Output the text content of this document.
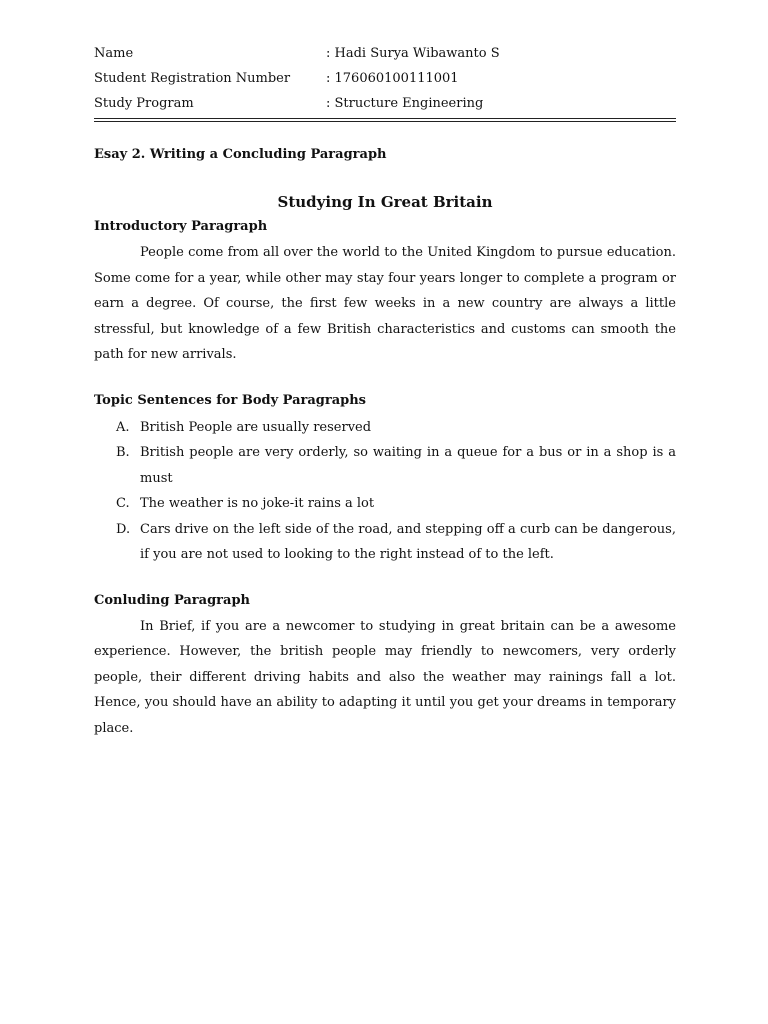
Name	: Hadi Surya Wibawanto S
Student Registration Number	: 176060100111001
Study Program	: Structure Engineering
Esay 2. Writing a Concluding Paragraph
Studying In Great Britain
Introductory Paragraph

People come from all over the world to the United Kingdom to pursue education. Some come for a year, while other may stay four years longer to complete a program or earn a degree. Of course, the first few weeks in a new country are always a little stressful, but knowledge of a few British characteristics and customs can smooth the path for new arrivals.

Topic Sentences for Body Paragraphs
A. British People are usually reserved
B. British people are very orderly, so waiting in a queue for a bus or in a shop is a must
C. The weather is no joke-it rains a lot
D. Cars drive on the left side of the road, and stepping off a curb can be dangerous, if you are not used to looking to the right instead of to the left.
Conluding Paragraph

In Brief, if you are a newcomer to studying in great britain can be a awesome experience. However, the british people may friendly to newcomers, very orderly people, their different driving habits and also the weather may rainings fall a lot. Hence, you should have an ability to adapting it until you get your dreams in temporary place.
